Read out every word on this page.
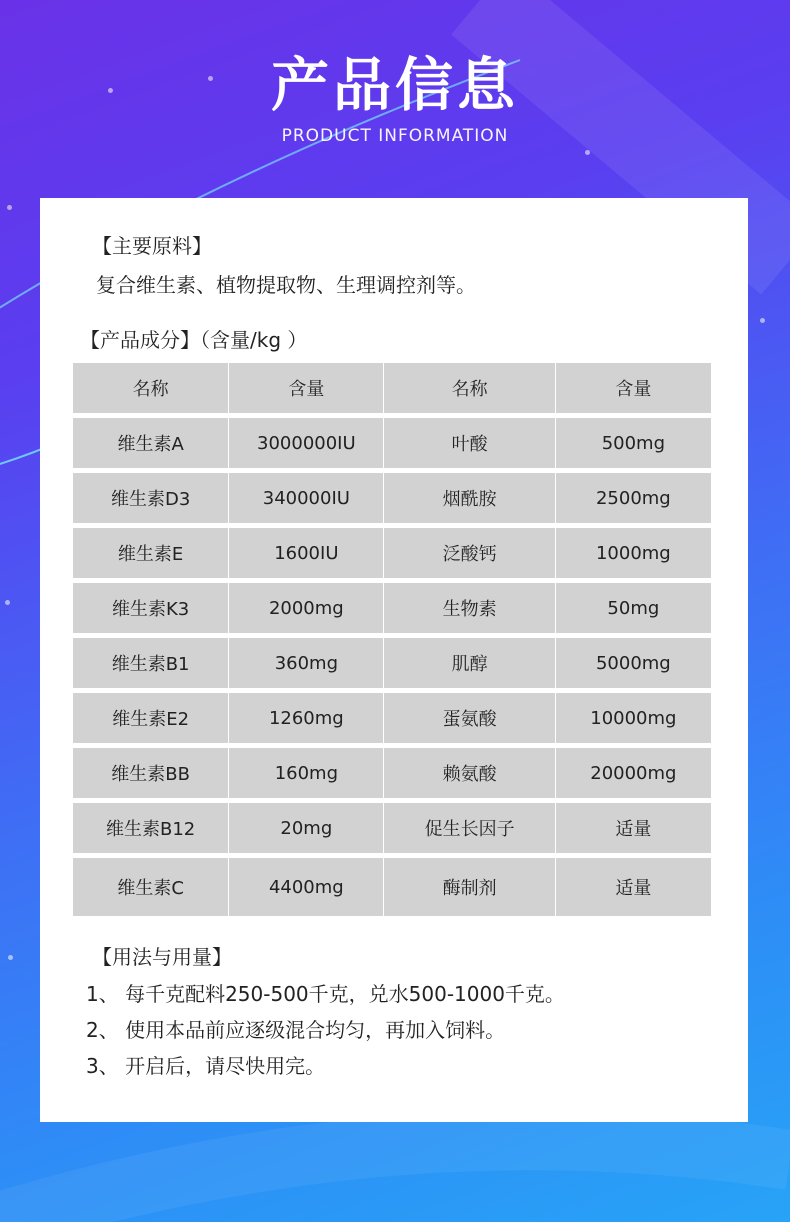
产品信息
PRODUCT INFORMATION
【主要原料】
复合维生素、植物提取物、生理调控剂等。
【产品成分】（含量/kg ）
名称	含量	名称	含量
维生素A	3000000IU	叶酸	500mg
维生素D3	340000IU	烟酰胺	2500mg
维生素E	1600IU	泛酸钙	1000mg
维生素K3	2000mg	生物素	50mg
维生素B1	360mg	肌醇	5000mg
维生素E2	1260mg	蛋氨酸	10000mg
维生素BB	160mg	赖氨酸	20000mg
维生素B12	20mg	促生长因子	适量
维生素C	4400mg	酶制剂	适量
【用法与用量】
1、 每千克配料250-500千克，兑水500-1000千克。
2、 使用本品前应逐级混合均匀，再加入饲料。
3、 开启后，请尽快用完。
